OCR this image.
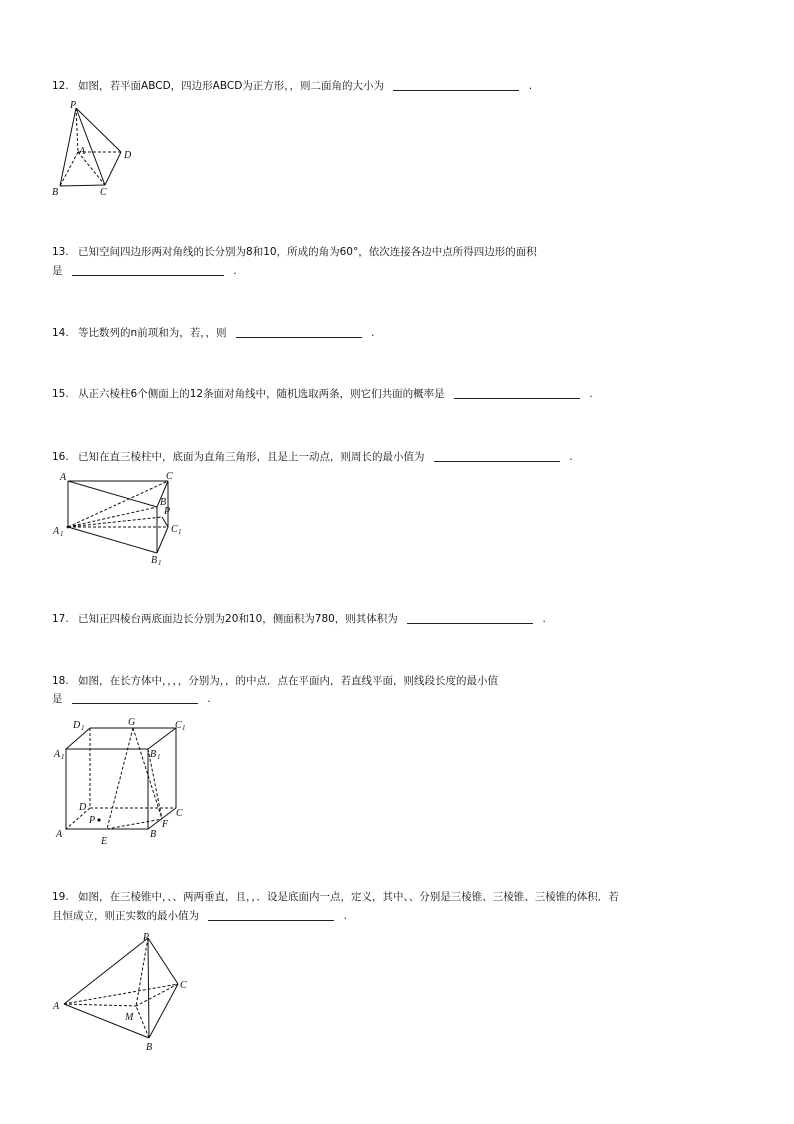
12. 如图，若平面ABCD，四边形ABCD为正方形，，则二面角的大小为	.
P
A	D
B	C
13. 已知空间四边形两对角线的长分别为8和10，所成的角为60°，依次连接各边中点所得四边形的面积
是	.
14. 等比数列的n前项和为，若，，则	.
15. 从正六棱柱6个侧面上的12条面对角线中，随机选取两条，则它们共面的概率是	.
16. 已知在直三棱柱中，底面为直角三角形，且是上一动点，则周长的最小值为	.
A	C
B
P
C 1
A 1
B 1
17. 已知正四棱台两底面边长分别为20和10，侧面积为780，则其体积为	.
18. 如图，在长方体中，，，，分别为，，的中点．点在平面内，若直线平面，则线段长度的最小值
是	.
D 1	G	C 1
A 1	B 1
D
C
P	F
A	B
E
19. 如图，在三棱锥中，、、两两垂直，且，，．设是底面内一点，定义，其中、、分别是三棱锥、三棱锥、三棱锥的体积．若
且恒成立，则正实数的最小值为	.
P
C
A
M
B
